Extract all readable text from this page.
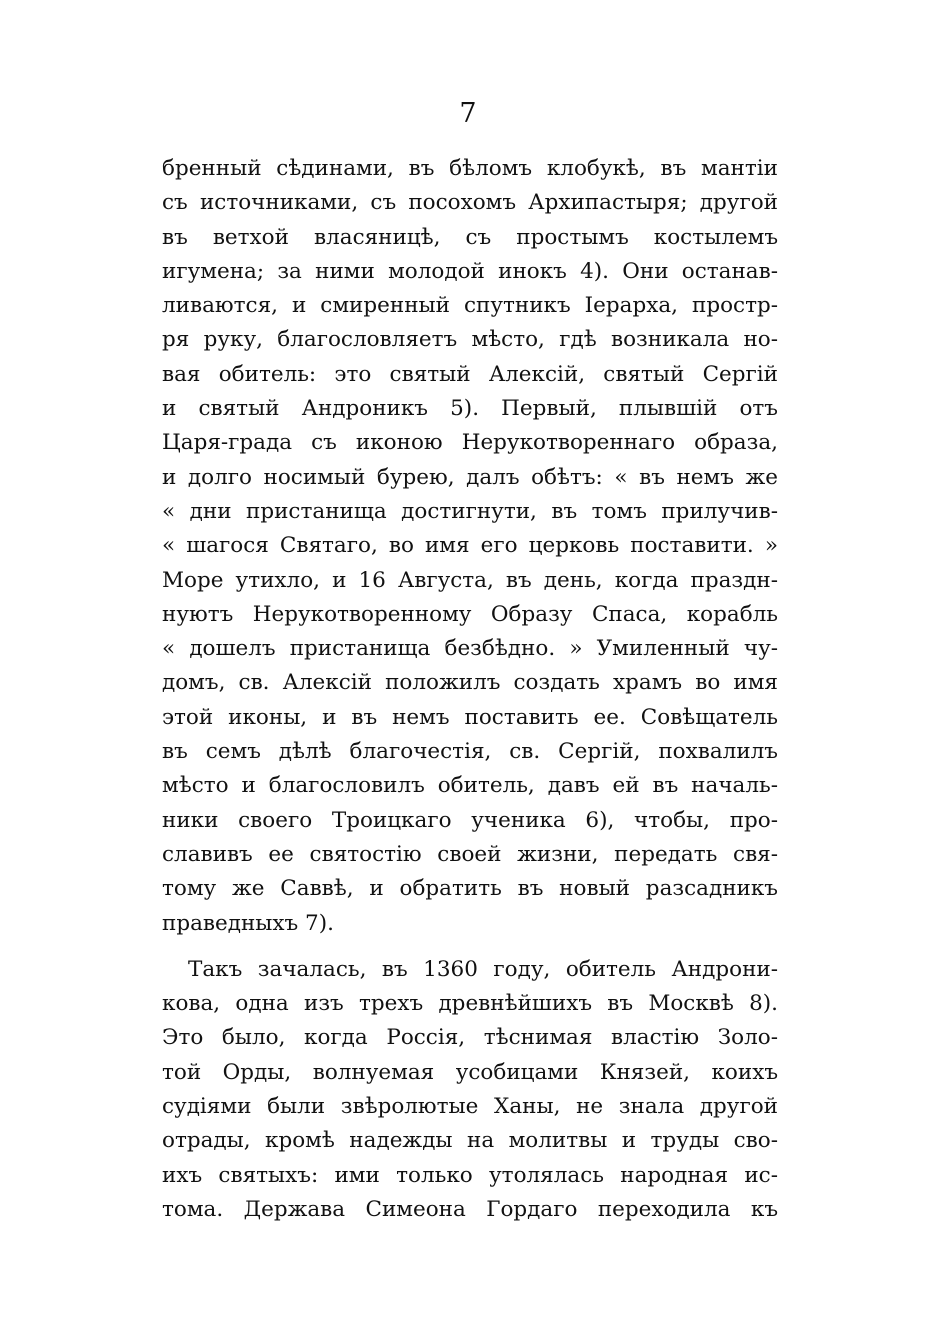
7
бренный сѣдинами, въ бѣломъ клобукѣ, въ мантіи
съ источниками, съ посохомъ Архипастыря; другой
въ ветхой власяницѣ, съ простымъ костылемъ
игумена; за ними молодой инокъ 4). Они останав-
ливаются, и смиренный спутникъ Іерарха, простр-
ря руку, благословляетъ мѣсто, гдѣ возникала но-
вая обитель: это святый Алексій, святый Сергій
и святый Андроникъ 5). Первый, плывшій отъ
Царя-града съ иконою Нерукотвореннаго образа,
и долго носимый бурею, далъ обѣтъ: « въ немъ же
« дни пристанища достигнути, въ томъ прилучив-
« шагося Святаго, во имя его церковь поставити. »
Море утихло, и 16 Августа, въ день, когда праздн-
нуютъ Нерукотворенному Образу Спаса, корабль
« дошелъ пристанища безбѣдно. » Умиленный чу-
домъ, св. Алексій положилъ создать храмъ во имя
этой иконы, и въ немъ поставить ее. Совѣщатель
въ семъ дѣлѣ благочестія, св. Сергій, похвалилъ
мѣсто и благословилъ обитель, давъ ей въ началь-
ники своего Троицкаго ученика 6), чтобы, про-
славивъ ее святостію своей жизни, передать свя-
тому же Саввѣ, и обратить въ новый разсадникъ
праведныхъ 7).
Такъ зачалась, въ 1360 году, обитель Андрони-
кова, одна изъ трехъ древнѣйшихъ въ Москвѣ 8).
Это было, когда Россія, тѣснимая властію Золо-
той Орды, волнуемая усобицами Князей, коихъ
судіями были звѣролютые Ханы, не знала другой
отрады, кромѣ надежды на молитвы и труды сво-
ихъ святыхъ: ими только утолялась народная ис-
тома. Держава Симеона Гордаго переходила къ
